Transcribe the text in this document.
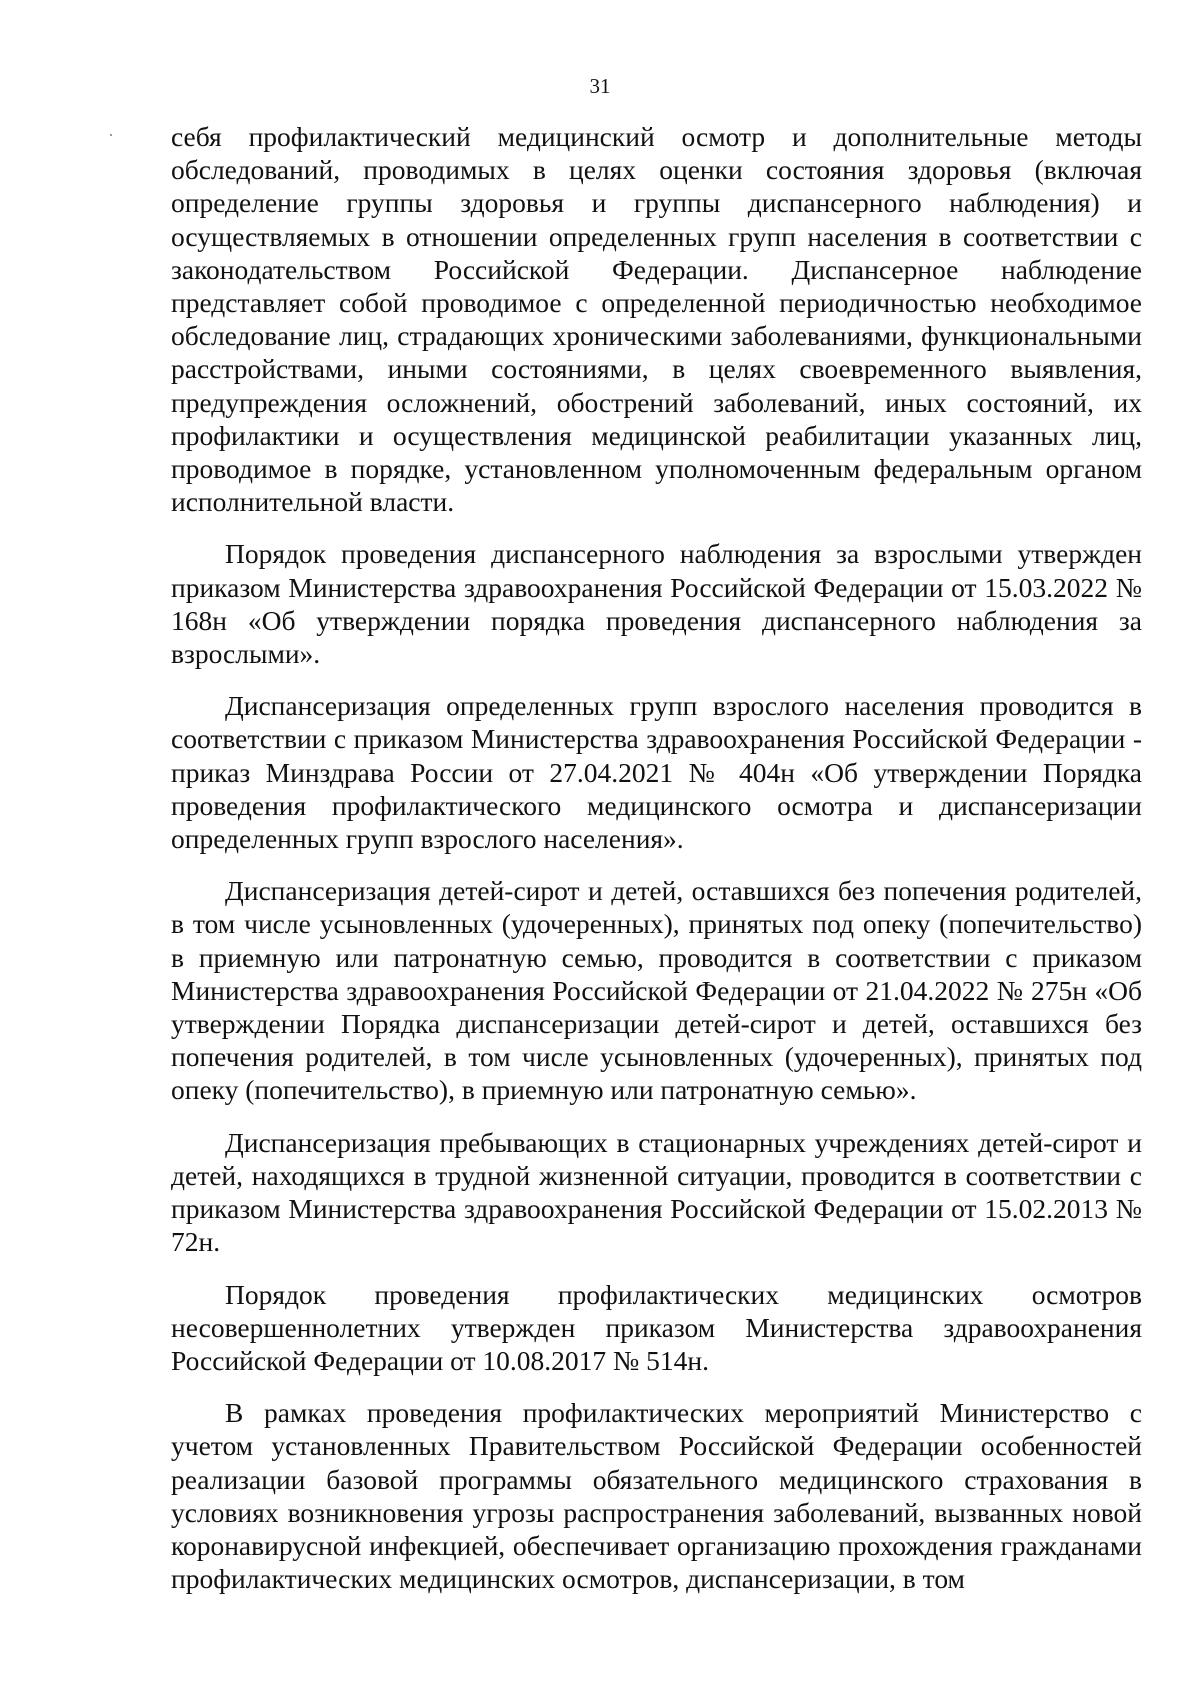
31

себя профилактический медицинский осмотр и дополнительные методы обследований, проводимых в целях оценки состояния здоровья (включая определение группы здоровья и группы диспансерного наблюдения) и осуществляемых в отношении определенных групп населения в соответствии с законодательством Российской Федерации. Диспансерное наблюдение представляет собой проводимое с определенной периодичностью необходимое обследование лиц, страдающих хроническими заболеваниями, функциональными расстройствами, иными состояниями, в целях своевременного выявления, предупреждения осложнений, обострений заболеваний, иных состояний, их профилактики и осуществления медицинской реабилитации указанных лиц, проводимое в порядке, установленном уполномоченным федеральным органом исполнительной власти.

Порядок проведения диспансерного наблюдения за взрослыми утвержден приказом Министерства здравоохранения Российской Федерации от 15.03.2022 № 168н «Об утверждении порядка проведения диспансерного наблюдения за взрослыми».

Диспансеризация определенных групп взрослого населения проводится в соответствии с приказом Министерства здравоохранения Российской Федерации - приказ Минздрава России от 27.04.2021 № 404н «Об утверждении Порядка проведения профилактического медицинского осмотра и диспансеризации определенных групп взрослого населения».

Диспансеризация детей-сирот и детей, оставшихся без попечения родителей, в том числе усыновленных (удочеренных), принятых под опеку (попечительство) в приемную или патронатную семью, проводится в соответствии с приказом Министерства здравоохранения Российской Федерации от 21.04.2022 № 275н «Об утверждении Порядка диспансеризации детей-сирот и детей, оставшихся без попечения родителей, в том числе усыновленных (удочеренных), принятых под опеку (попечительство), в приемную или патронатную семью».

Диспансеризация пребывающих в стационарных учреждениях детей-сирот и детей, находящихся в трудной жизненной ситуации, проводится в соответствии с приказом Министерства здравоохранения Российской Федерации от 15.02.2013 № 72н.

Порядок проведения профилактических медицинских осмотров несовершеннолетних утвержден приказом Министерства здравоохранения Российской Федерации от 10.08.2017 № 514н.

В рамках проведения профилактических мероприятий Министерство с учетом установленных Правительством Российской Федерации особенностей реализации базовой программы обязательного медицинского страхования в условиях возникновения угрозы распространения заболеваний, вызванных новой коронавирусной инфекцией, обеспечивает организацию прохождения гражданами профилактических медицинских осмотров, диспансеризации, в том
